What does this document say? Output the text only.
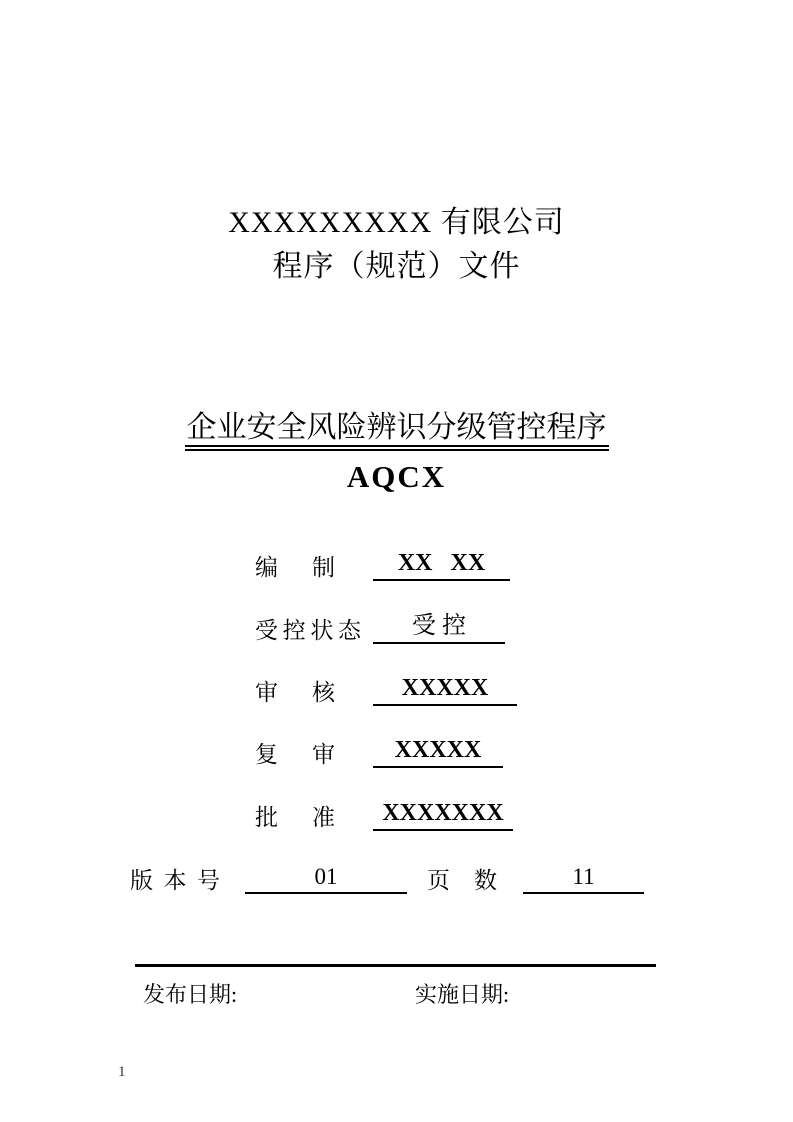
XXXXXXXXX 有限公司
程序（规范）文件
企业安全风险辨识分级管控程序
AQCX
编制	XX   XX
受控状态	受 控
审核	XXXXX
复审	XXXXX
批准	XXXXXXX
版本号	01	页数	11
发布日期:	实施日期:
1
